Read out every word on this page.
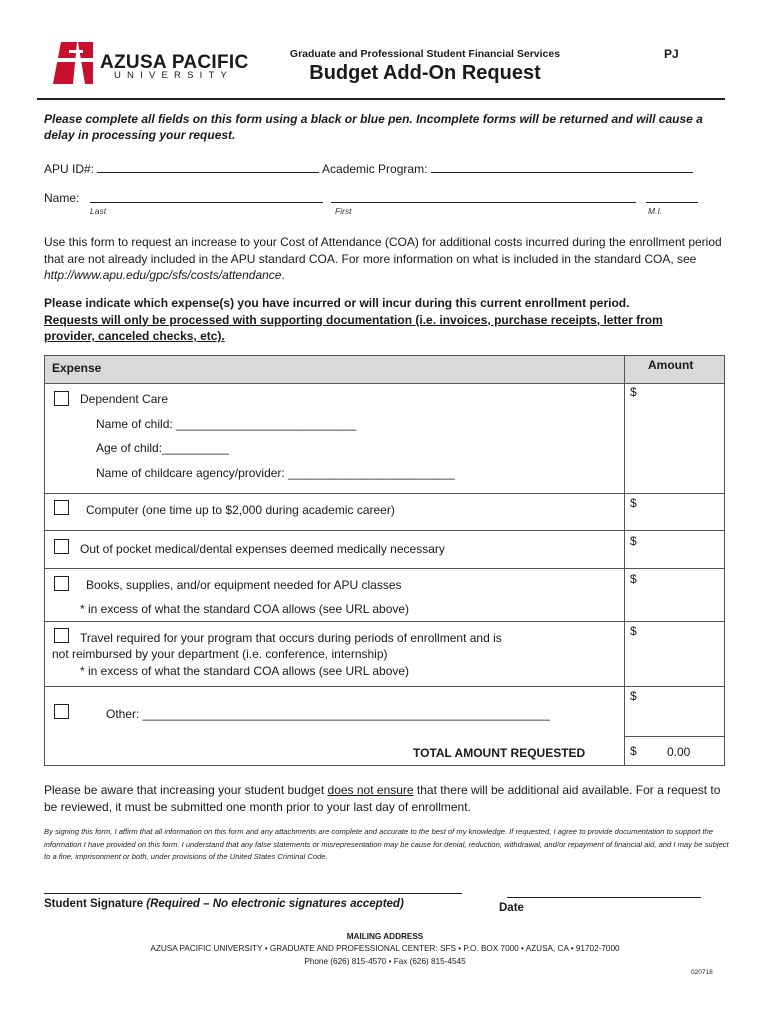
AZUSA PACIFIC
UNIVERSITY
Graduate and Professional Student Financial Services
Budget Add-On Request
PJ
Please complete all fields on this form using a black or blue pen. Incomplete forms will be returned and will cause a delay in processing your request.
APU ID#:	Academic Program:
Name:
Last	First	M.I.
Use this form to request an increase to your Cost of Attendance (COA) for additional costs incurred during the enrollment period that are not already included in the APU standard COA. For more information on what is included in the standard COA, see http://www.apu.edu/gpc/sfs/costs/attendance.
Please indicate which expense(s) you have incurred or will incur during this current enrollment period.
Requests will only be processed with supporting documentation (i.e. invoices, purchase receipts, letter from provider, canceled checks, etc).
Expense	Amount
Dependent Care
Name of child: ___________________________
Age of child:__________
Name of childcare agency/provider: _________________________
$
Computer (one time up to $2,000 during academic career)	$
Out of pocket medical/dental expenses deemed medically necessary
$
Books, supplies, and/or equipment needed for APU classes
* in excess of what the standard COA allows (see URL above)
$
Travel required for your program that occurs during periods of enrollment and is
not reimbursed by your department (i.e. conference, internship)
* in excess of what the standard COA allows (see URL above)
$
Other: _____________________________________________________________
$
TOTAL AMOUNT REQUESTED	$	0.00
Please be aware that increasing your student budget does not ensure that there will be additional aid available. For a request to be reviewed, it must be submitted one month prior to your last day of enrollment.
By signing this form, I affirm that all information on this form and any attachments are complete and accurate to the best of my knowledge. If requested, I agree to provide documentation to support the information I have provided on this form. I understand that any false statements or misrepresentation may be cause for denial, reduction, withdrawal, and/or repayment of financial aid, and I may be subject to a fine, imprisonment or both, under provisions of the United States Criminal Code.
Student Signature (Required – No electronic signatures accepted)	Date
MAILING ADDRESS
AZUSA PACIFIC UNIVERSITY • GRADUATE AND PROFESSIONAL CENTER: SFS • P.O. BOX 7000 • AZUSA, CA • 91702-7000
Phone (626) 815-4570 • Fax (626) 815-4545
020718
